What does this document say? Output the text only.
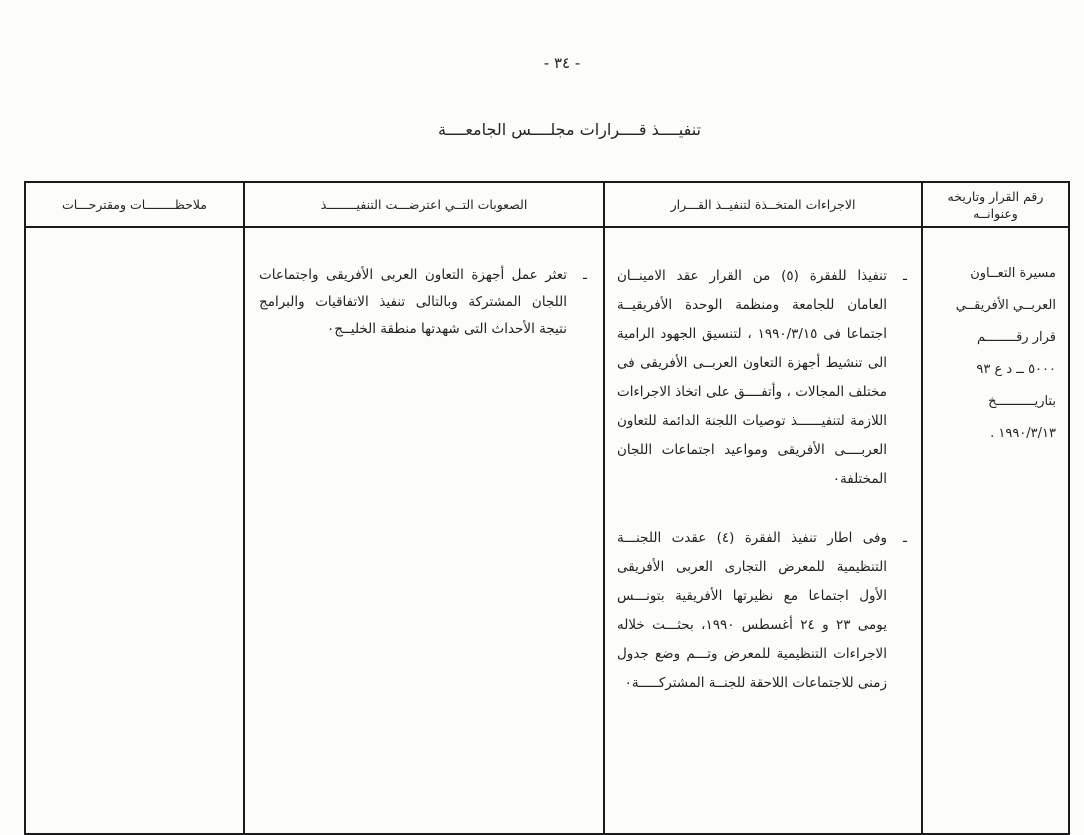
- ٣٤ -
تنفيــــذ قــــرارات مجلــــس الجامعــــة
رقم القرار وتاريخه وعنوانــه
الاجراءات المتخــذة لتنفيــذ القـــرار
الصعوبات التــي اعترضـــت التنفيــــــــذ
ملاحظــــــــات ومقترحـــات
مسيرة التعــاون
العربــي الأفريقــي
قرار رقــــــــم
٥٠٠٠ ــ د ع ٩٣
بتاريــــــــــخ
١٩٩٠/٣/١٣ .
ـ
تنفيذا للفقرة (٥) من القرار عقد الامينــان العامان للجامعة ومنظمة الوحدة الأفريقيــة اجتماعا فى ١٩٩٠/٣/١٥ ، لتنسيق الجهود الرامية الى تنشيط أجهزة التعاون العربــى الأفريقى فى مختلف المجالات ، وأتفــــق على اتخاذ الاجراءات اللازمة لتنفيــــــذ توصيات اللجنة الدائمة للتعاون العربــــى الأفريقى ومواعيد اجتماعات اللجان المختلفة٠
ـ
وفى اطار تنفيذ الفقرة (٤) عقدت اللجنـــة التنظيمية للمعرض التجارى العربى الأفريقى الأول اجتماعا مع نظيرتها الأفريقية بتونـــس يومى ٢٣ و ٢٤ أغسطس ١٩٩٠، بحثـــت خلاله الاجراءات التنظيمية للمعرض وتـــم وضع جدول زمنى للاجتماعات اللاحقة للجنــة المشتركـــــة٠
ـ
تعثر عمل أجهزة التعاون العربى الأفريقى واجتماعات اللجان المشتركة وبالتالى تنفيذ الاتفاقيات والبرامج نتيجة الأحداث التى شهدتها منطقة الخليــج٠
